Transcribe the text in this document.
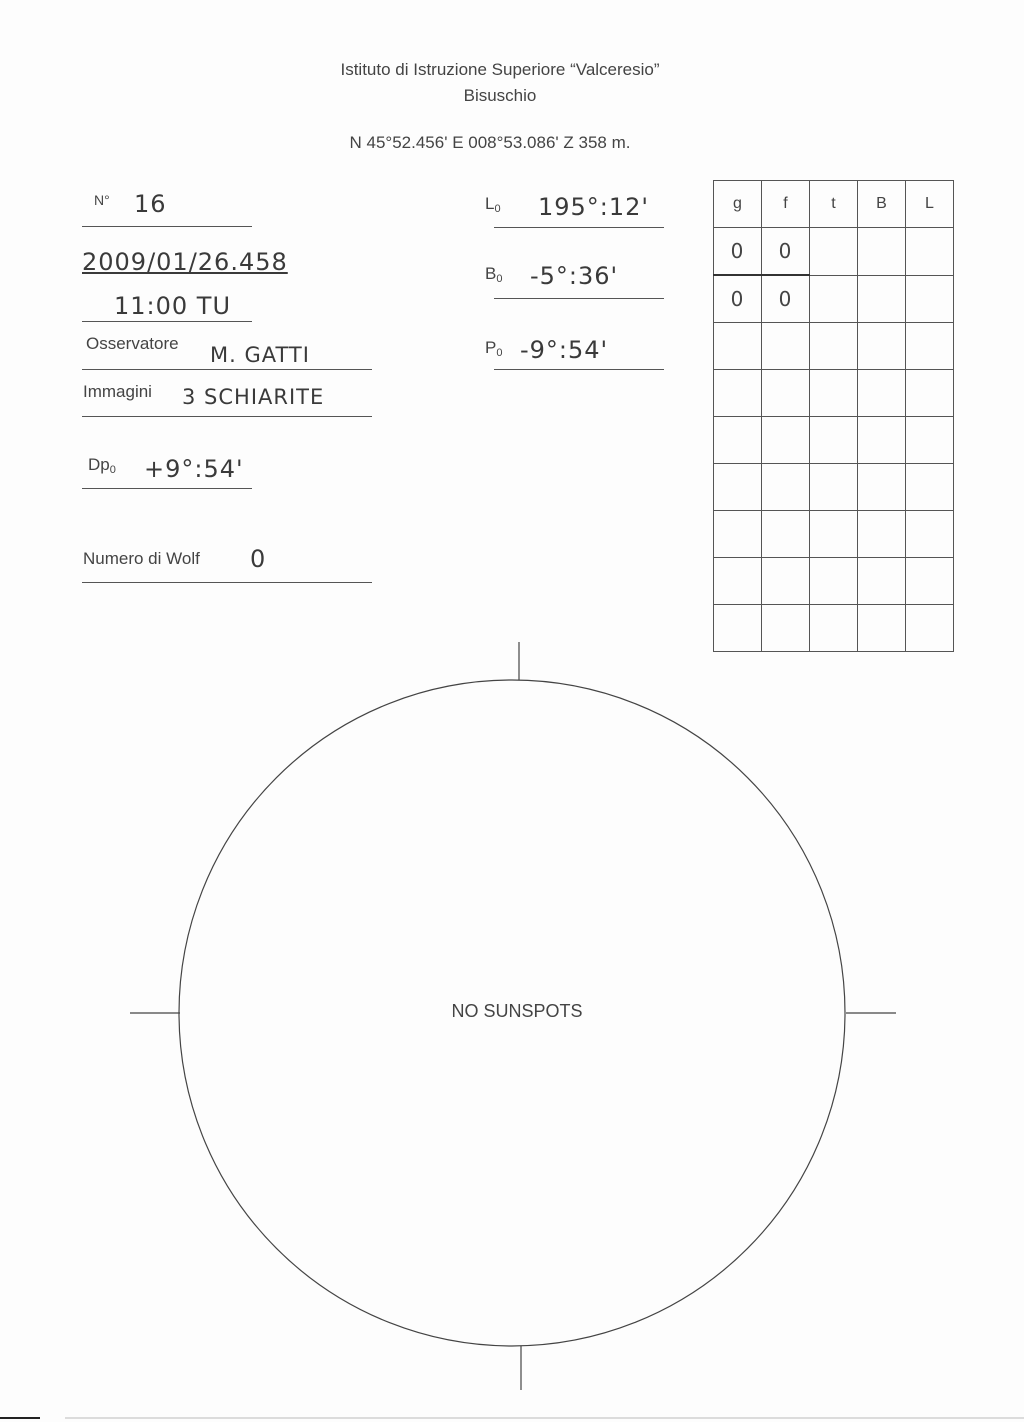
Istituto di Istruzione Superiore “Valceresio”
Bisuschio
N 45°52.456' E 008°53.086' Z 358 m.
N° 16
2009/01/26.458
11:00 TU
Osservatore M. GATTI
Immagini 3 SCHIARITE
$Dp_0$ +9°:54'
Numero di Wolf 0
$L_0$ 195°:12'
$B_0$ -5°:36'
$P_0$ -9°:54'
g	f	t	B	L
0	0			
0	0			

NO SUNSPOTS
